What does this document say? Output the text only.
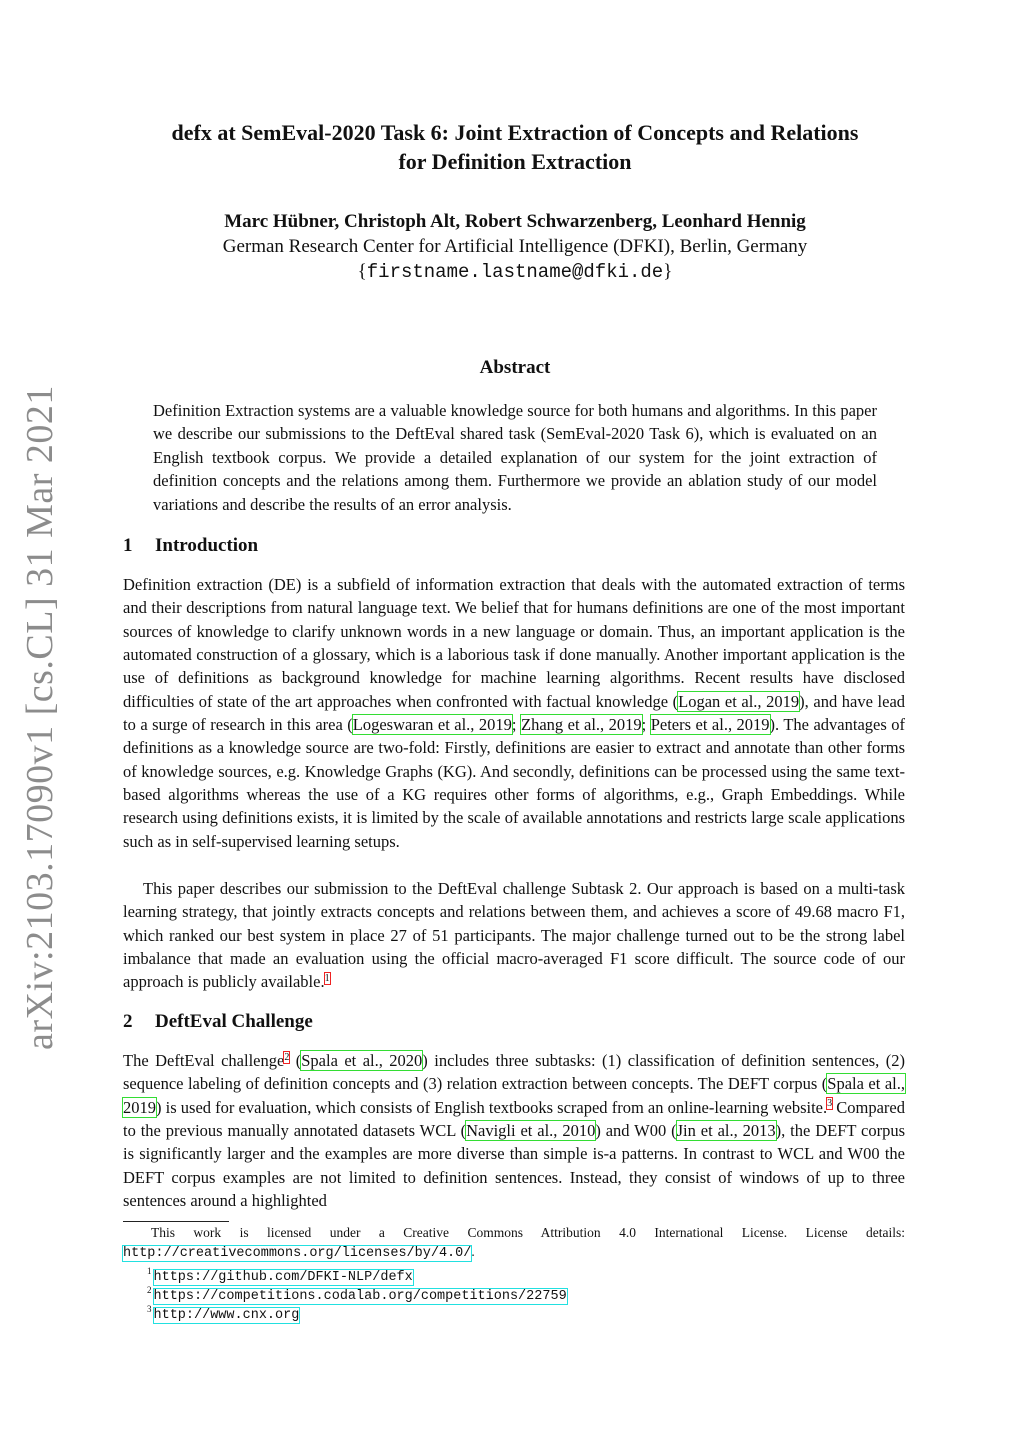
arXiv:2103.17090v1 [cs.CL] 31 Mar 2021
defx at SemEval-2020 Task 6: Joint Extraction of Concepts and Relations
for Definition Extraction
Marc Hübner, Christoph Alt, Robert Schwarzenberg, Leonhard Hennig
German Research Center for Artificial Intelligence (DFKI), Berlin, Germany
{firstname.lastname@dfki.de}
Abstract
Definition Extraction systems are a valuable knowledge source for both humans and algorithms. In this paper we describe our submissions to the DeftEval shared task (SemEval-2020 Task 6), which is evaluated on an English textbook corpus. We provide a detailed explanation of our system for the joint extraction of definition concepts and the relations among them. Furthermore we provide an ablation study of our model variations and describe the results of an error analysis.
1 Introduction
Definition extraction (DE) is a subfield of information extraction that deals with the automated extraction of terms and their descriptions from natural language text. We belief that for humans definitions are one of the most important sources of knowledge to clarify unknown words in a new language or domain. Thus, an important application is the automated construction of a glossary, which is a laborious task if done manually. Another important application is the use of definitions as background knowledge for machine learning algorithms. Recent results have disclosed difficulties of state of the art approaches when confronted with factual knowledge (Logan et al., 2019), and have lead to a surge of research in this area (Logeswaran et al., 2019; Zhang et al., 2019; Peters et al., 2019). The advantages of definitions as a knowledge source are two-fold: Firstly, definitions are easier to extract and annotate than other forms of knowledge sources, e.g. Knowledge Graphs (KG). And secondly, definitions can be processed using the same text-based algorithms whereas the use of a KG requires other forms of algorithms, e.g., Graph Embeddings. While research using definitions exists, it is limited by the scale of available annotations and restricts large scale applications such as in self-supervised learning setups.
This paper describes our submission to the DeftEval challenge Subtask 2. Our approach is based on a multi-task learning strategy, that jointly extracts concepts and relations between them, and achieves a score of 49.68 macro F1, which ranked our best system in place 27 of 51 participants. The major challenge turned out to be the strong label imbalance that made an evaluation using the official macro-averaged F1 score difficult. The source code of our approach is publicly available.$^1$
2 DeftEval Challenge
The DeftEval challenge$^2$ (Spala et al., 2020) includes three subtasks: (1) classification of definition sentences, (2) sequence labeling of definition concepts and (3) relation extraction between concepts. The DEFT corpus (Spala et al., 2019) is used for evaluation, which consists of English textbooks scraped from an online-learning website.$^3$ Compared to the previous manually annotated datasets WCL (Navigli et al., 2010) and W00 (Jin et al., 2013), the DEFT corpus is significantly larger and the examples are more diverse than simple is-a patterns. In contrast to WCL and W00 the DEFT corpus examples are not limited to definition sentences. Instead, they consist of windows of up to three sentences around a highlighted
This work is licensed under a Creative Commons Attribution 4.0 International License. License details: http://creativecommons.org/licenses/by/4.0/.
$^1$ https://github.com/DFKI-NLP/defx
$^2$ https://competitions.codalab.org/competitions/22759
$^3$ http://www.cnx.org
